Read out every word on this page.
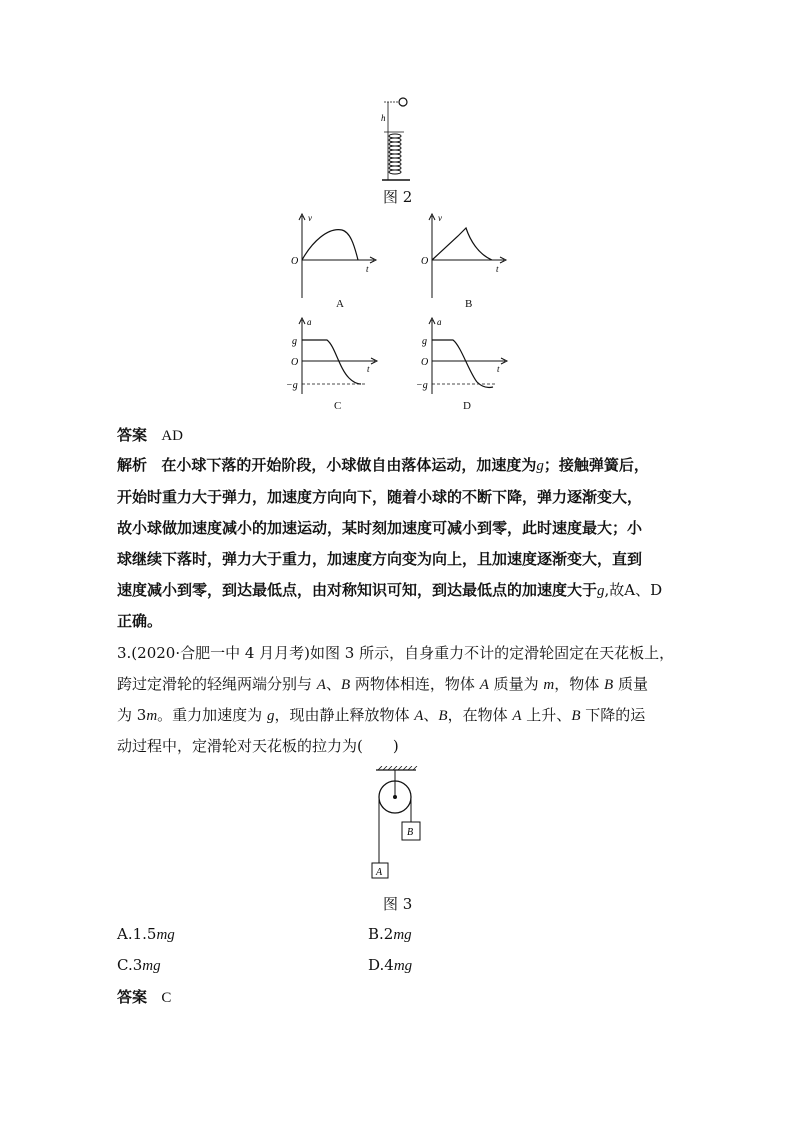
h
图 2
v
t
O
A
v
t
O
B
a
t
O
g
−g
C
a
t
O
g
−g
D
答案 AD
解析 在小球下落的开始阶段，小球做自由落体运动，加速度为g；接触弹簧后，
开始时重力大于弹力，加速度方向向下，随着小球的不断下降，弹力逐渐变大，
故小球做加速度减小的加速运动，某时刻加速度可减小到零，此时速度最大；小
球继续下落时，弹力大于重力，加速度方向变为向上，且加速度逐渐变大，直到
速度减小到零，到达最低点，由对称知识可知，到达最低点的加速度大于g,故A、D
正确。
3.(2020·合肥一中 4 月月考)如图 3 所示，自身重力不计的定滑轮固定在天花板上，
跨过定滑轮的轻绳两端分别与 A、B 两物体相连，物体 A 质量为 m，物体 B 质量
为 3m。重力加速度为 g，现由静止释放物体 A、B，在物体 A 上升、B 下降的运
动过程中，定滑轮对天花板的拉力为(　　)
B
A
图 3
A.1.5mg	B.2mg
C.3mg	D.4mg
答案 C
